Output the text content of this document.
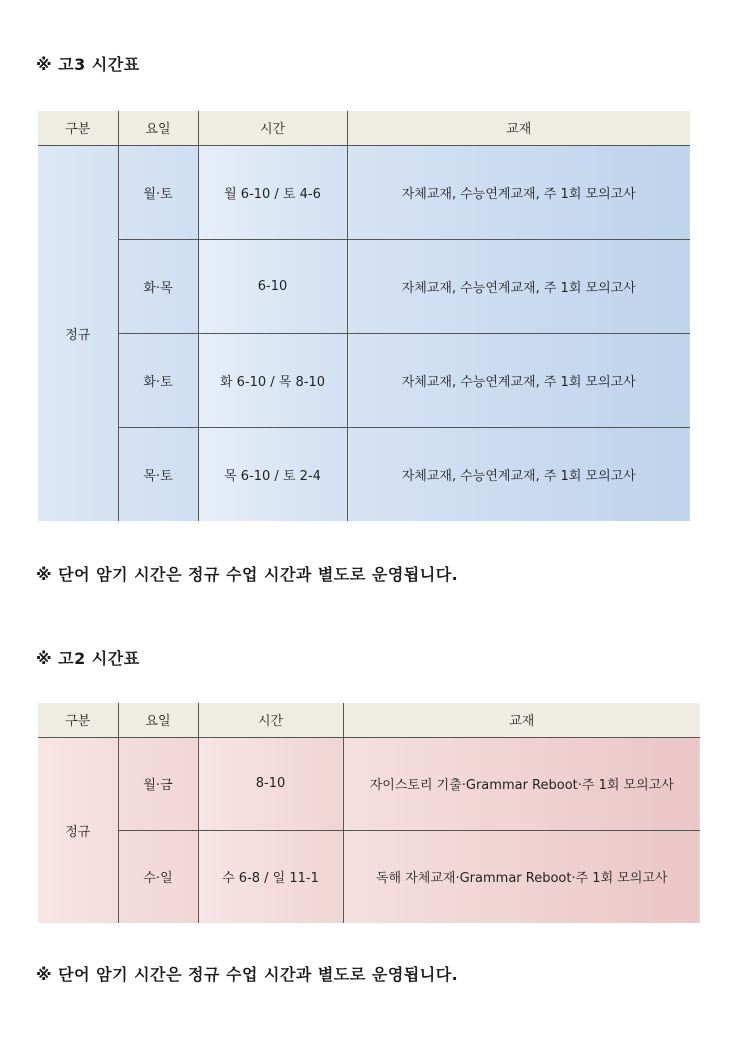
※ 고3 시간표
구분	요일	시간	교재
정규	월·토	월 6-10 / 토 4-6	자체교재, 수능연계교재, 주 1회 모의고사
	화·목	6-10	자체교재, 수능연계교재, 주 1회 모의고사
	화·토	화 6-10 / 목 8-10	자체교재, 수능연계교재, 주 1회 모의고사
	목·토	목 6-10 / 토 2-4	자체교재, 수능연계교재, 주 1회 모의고사
※ 단어 암기 시간은 정규 수업 시간과 별도로 운영됩니다.
※ 고2 시간표
구분	요일	시간	교재
정규	월·금	8-10	자이스토리 기출·Grammar Reboot·주 1회 모의고사
	수·일	수 6-8 / 일 11-1	독해 자체교재·Grammar Reboot·주 1회 모의고사
※ 단어 암기 시간은 정규 수업 시간과 별도로 운영됩니다.
